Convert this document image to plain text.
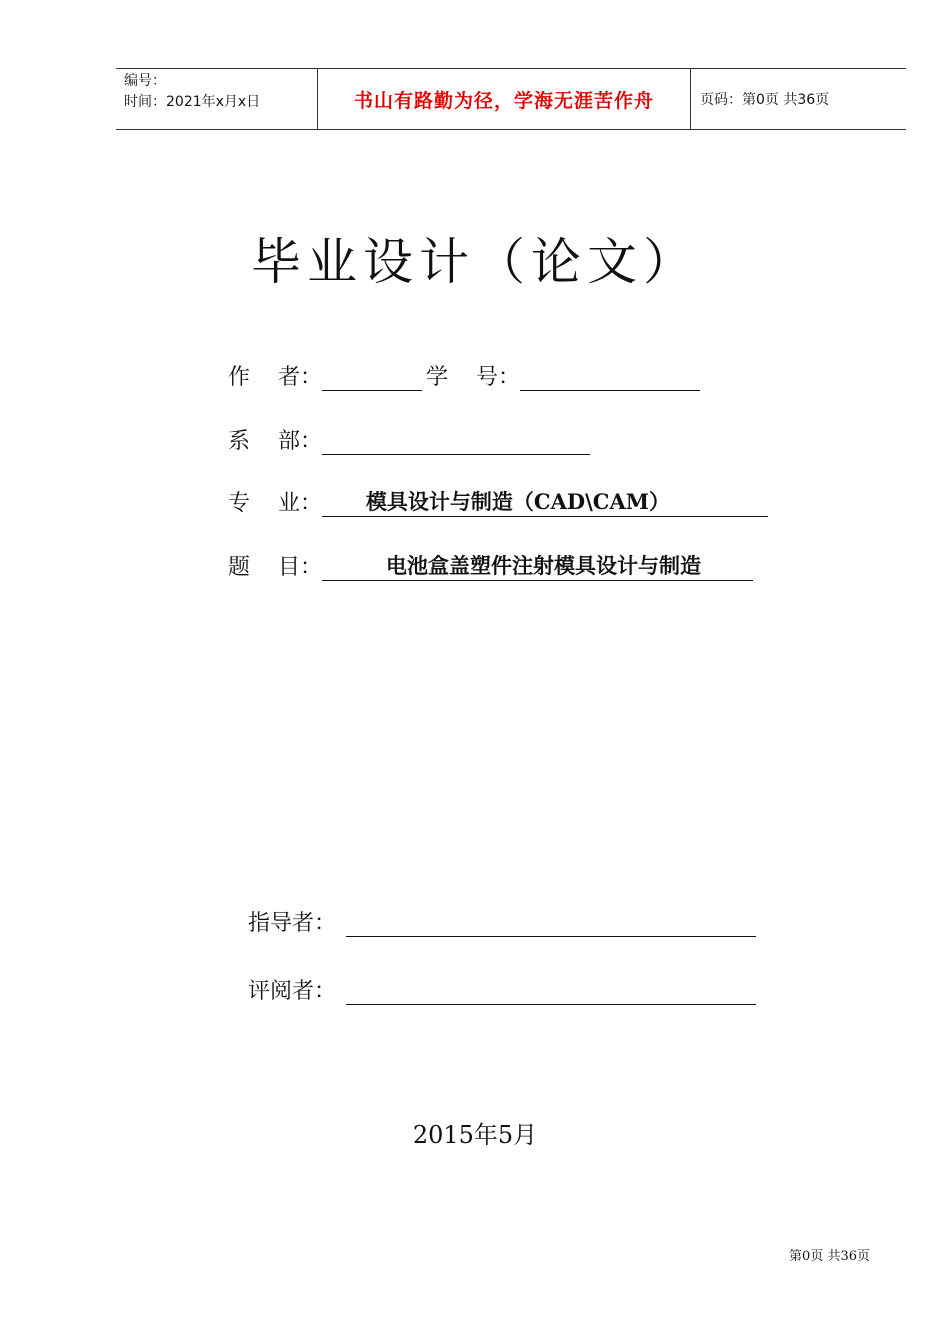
编号：
时间：2021年x月x日	书山有路勤为径，学海无涯苦作舟	页码：第0页 共36页
毕业设计（论文）
作    者：	学    号：
系    部：
专    业： 模具设计与制造（CAD\CAM）
题    目：	电池盒盖塑件注射模具设计与制造
指导者：
评阅者：
2015年5月
第0页 共36页
